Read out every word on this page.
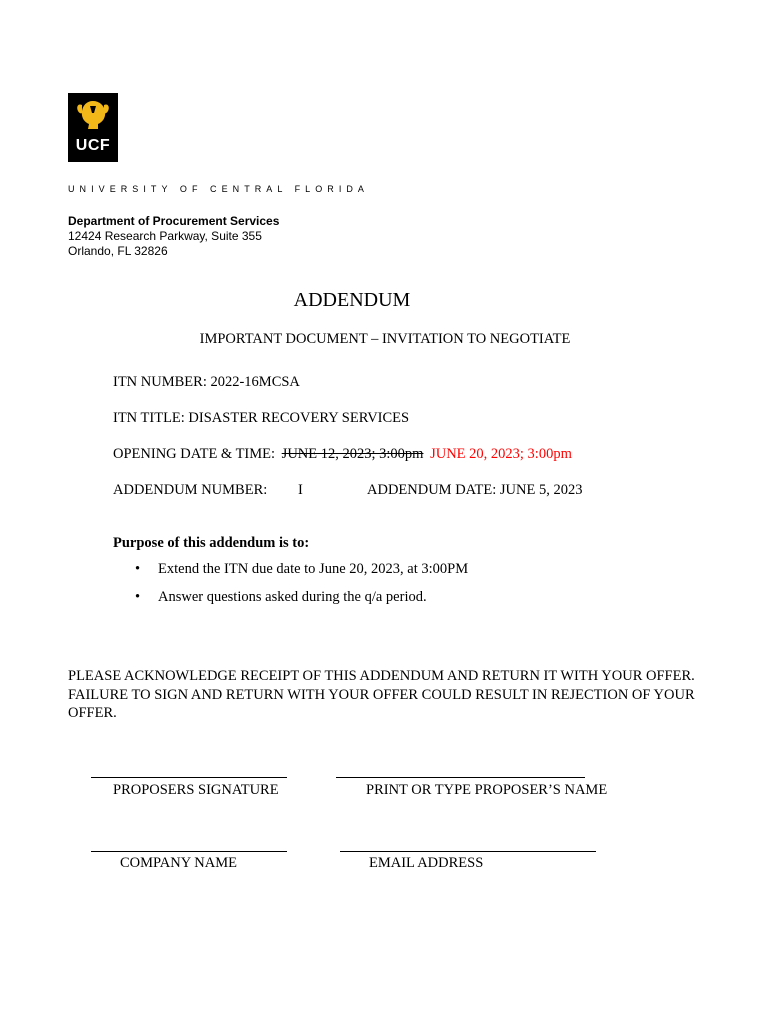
UCF
UNIVERSITY OF CENTRAL FLORIDA
Department of Procurement Services
12424 Research Parkway, Suite 355
Orlando, FL 32826
ADDENDUM
IMPORTANT DOCUMENT – INVITATION TO NEGOTIATE
ITN NUMBER: 2022-16MCSA
ITN TITLE: DISASTER RECOVERY SERVICES
OPENING DATE & TIME: JUNE 12, 2023; 3:00pm JUNE 20, 2023; 3:00pm
ADDENDUM NUMBER: I	ADDENDUM DATE: JUNE 5, 2023
Purpose of this addendum is to:
• Extend the ITN due date to June 20, 2023, at 3:00PM
• Answer questions asked during the q/a period.
PLEASE ACKNOWLEDGE RECEIPT OF THIS ADDENDUM AND RETURN IT WITH YOUR OFFER. FAILURE TO SIGN AND RETURN WITH YOUR OFFER COULD RESULT IN REJECTION OF YOUR OFFER.
PROPOSERS SIGNATURE	PRINT OR TYPE PROPOSER’S NAME
COMPANY NAME	EMAIL ADDRESS
